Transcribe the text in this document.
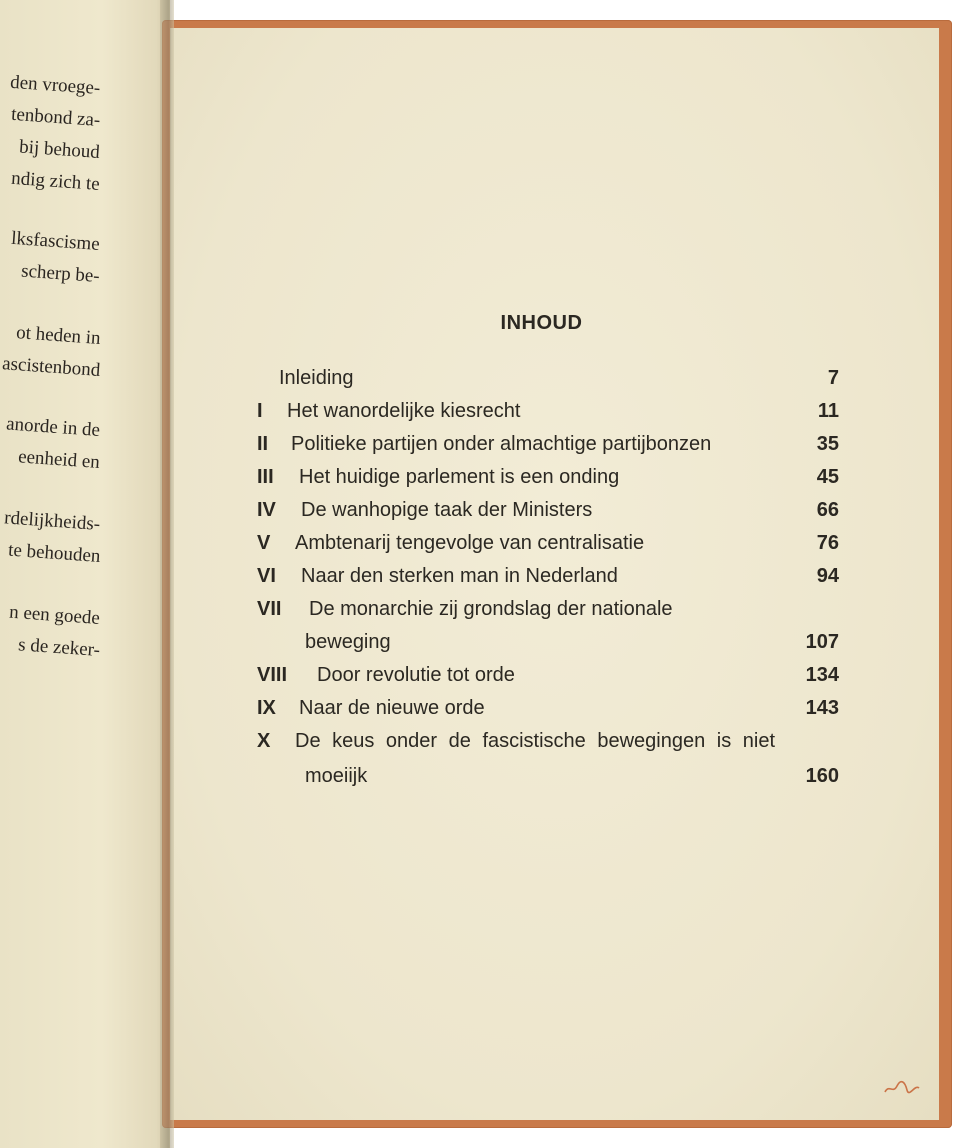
den vroege-
tenbond za-
bij behoud
ndig zich te
lksfascisme
scherp be-
ot heden in
ascistenbond
anorde in de
eenheid en
rdelijkheids-
te behouden
n een goede
s de zeker-
INHOUD
Inleiding	7
I Het wanordelijke kiesrecht	11
II Politieke partijen onder almachtige partijbonzen	35
III Het huidige parlement is een onding	45
IV De wanhopige taak der Ministers	66
V Ambtenarij tengevolge van centralisatie	76
VI Naar den sterken man in Nederland	94
VII De monarchie zij grondslag der nationale
beweging	107
VIII Door revolutie tot orde	134
IX Naar de nieuwe orde	143
X De keus onder de fascistische bewegingen is niet
moeiijk	160
